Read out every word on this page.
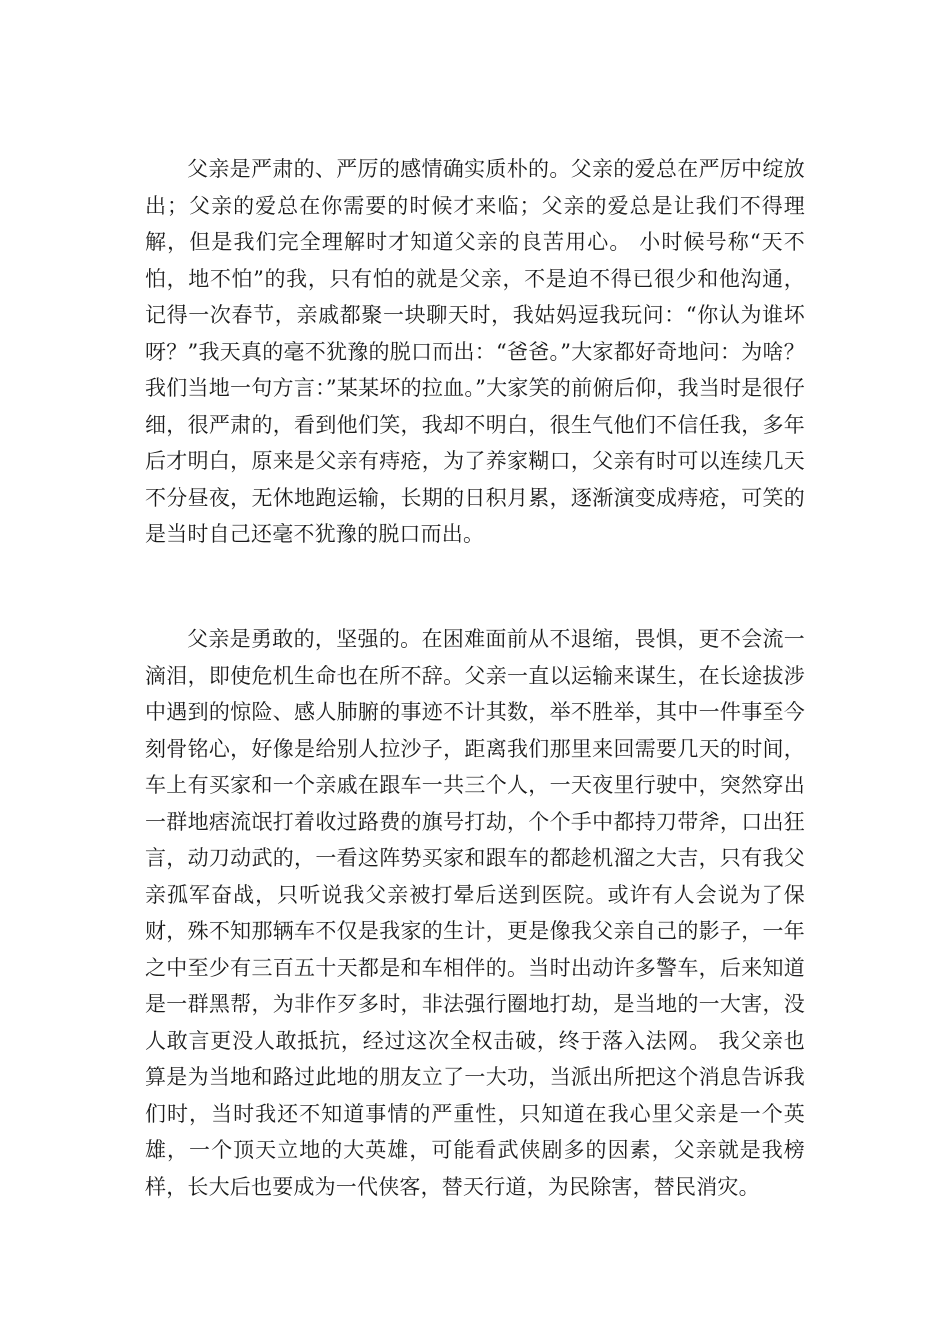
父亲是严肃的、严厉的感情确实质朴的。父亲的爱总在严厉中绽放出；父亲的爱总在你需要的时候才来临；父亲的爱总是让我们不得理解，但是我们完全理解时才知道父亲的良苦用心。 小时候号称“天不怕，地不怕”的我，只有怕的就是父亲，不是迫不得已很少和他沟通，记得一次春节，亲戚都聚一块聊天时，我姑妈逗我玩问：“你认为谁坏呀？”我天真的毫不犹豫的脱口而出：“爸爸。”大家都好奇地问：为啥？我们当地一句方言：”某某坏的拉血。”大家笑的前俯后仰，我当时是很仔细，很严肃的，看到他们笑，我却不明白，很生气他们不信任我，多年后才明白，原来是父亲有痔疮，为了养家糊口，父亲有时可以连续几天不分昼夜，无休地跑运输，长期的日积月累，逐渐演变成痔疮，可笑的是当时自己还毫不犹豫的脱口而出。

父亲是勇敢的，坚强的。在困难面前从不退缩，畏惧，更不会流一滴泪，即使危机生命也在所不辞。父亲一直以运输来谋生，在长途拔涉中遇到的惊险、感人肺腑的事迹不计其数，举不胜举，其中一件事至今刻骨铭心，好像是给别人拉沙子，距离我们那里来回需要几天的时间，车上有买家和一个亲戚在跟车一共三个人，一天夜里行驶中，突然穿出一群地痞流氓打着收过路费的旗号打劫，个个手中都持刀带斧，口出狂言，动刀动武的，一看这阵势买家和跟车的都趁机溜之大吉，只有我父亲孤军奋战，只听说我父亲被打晕后送到医院。或许有人会说为了保财，殊不知那辆车不仅是我家的生计，更是像我父亲自己的影子，一年之中至少有三百五十天都是和车相伴的。当时出动许多警车，后来知道是一群黑帮，为非作歹多时，非法强行圈地打劫，是当地的一大害，没人敢言更没人敢抵抗，经过这次全权击破，终于落入法网。 我父亲也算是为当地和路过此地的朋友立了一大功，当派出所把这个消息告诉我们时，当时我还不知道事情的严重性，只知道在我心里父亲是一个英雄，一个顶天立地的大英雄，可能看武侠剧多的因素，父亲就是我榜样，长大后也要成为一代侠客，替天行道，为民除害，替民消灾。
